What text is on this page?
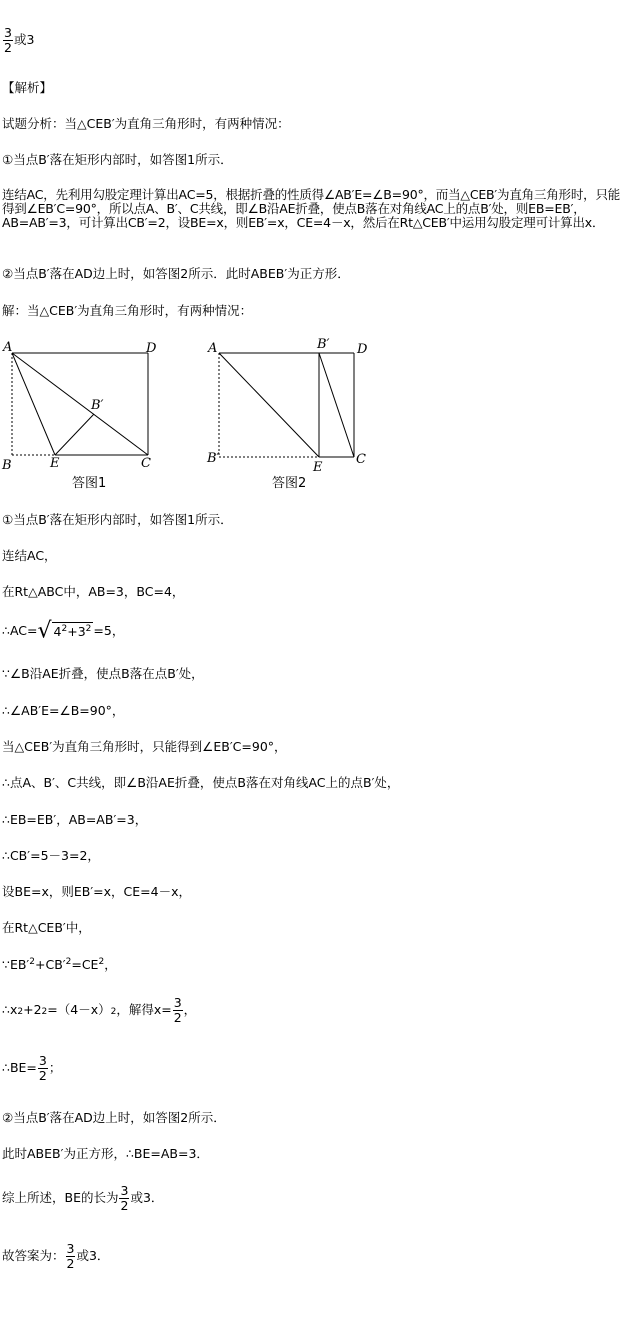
$\frac{3}{2}$ 或3
【解析】
试题分析：当△CEB′为直角三角形时，有两种情况：
①当点B′落在矩形内部时，如答图1所示．
连结AC，先利用勾股定理计算出AC=5，根据折叠的性质得∠AB′E=∠B=90°，而当△CEB′为直角三角形时，只能得到∠EB′C=90°，所以点A、B′、C共线，即∠B沿AE折叠，使点B落在对角线AC上的点B′处，则EB=EB′，AB=AB′=3，可计算出CB′=2，设BE=x，则EB′=x，CE=4－x，然后在Rt△CEB′中运用勾股定理可计算出x．
②当点B′落在AD边上时，如答图2所示．此时ABEB′为正方形．
解：当△CEB′为直角三角形时，有两种情况：
A	D
B	E	C
B′
答图1
A	B′ D
B′
E
C
答图2
①当点B′落在矩形内部时，如答图1所示．
连结AC，
在Rt△ABC中，AB=3，BC=4，
∴AC=√ $4^2+3^2 =5$，
∵∠B沿AE折叠，使点B落在点B′处，
∴∠AB′E=∠B=90°，
当△CEB′为直角三角形时，只能得到∠EB′C=90°，
∴点A、B′、C共线，即∠B沿AE折叠，使点B落在对角线AC上的点B′处，
∴EB=EB′，AB=AB′=3，
∴CB′=5－3=2，
设BE=x，则EB′=x，CE=4－x，
在Rt△CEB′中，
$\because EB'^2+CB'^2=CE^2$，
∴x2+22=（4－x）2，解得$x= \frac{3}{2}$ ，
∴BE= $\frac{3}{2}$ ；
②当点B′落在AD边上时，如答图2所示．
此时ABEB′为正方形，∴BE=AB=3．
综上所述，BE的长为 $\frac{3}{2}$ 或3．
故答案为： $\frac{3}{2}$ 或3．
